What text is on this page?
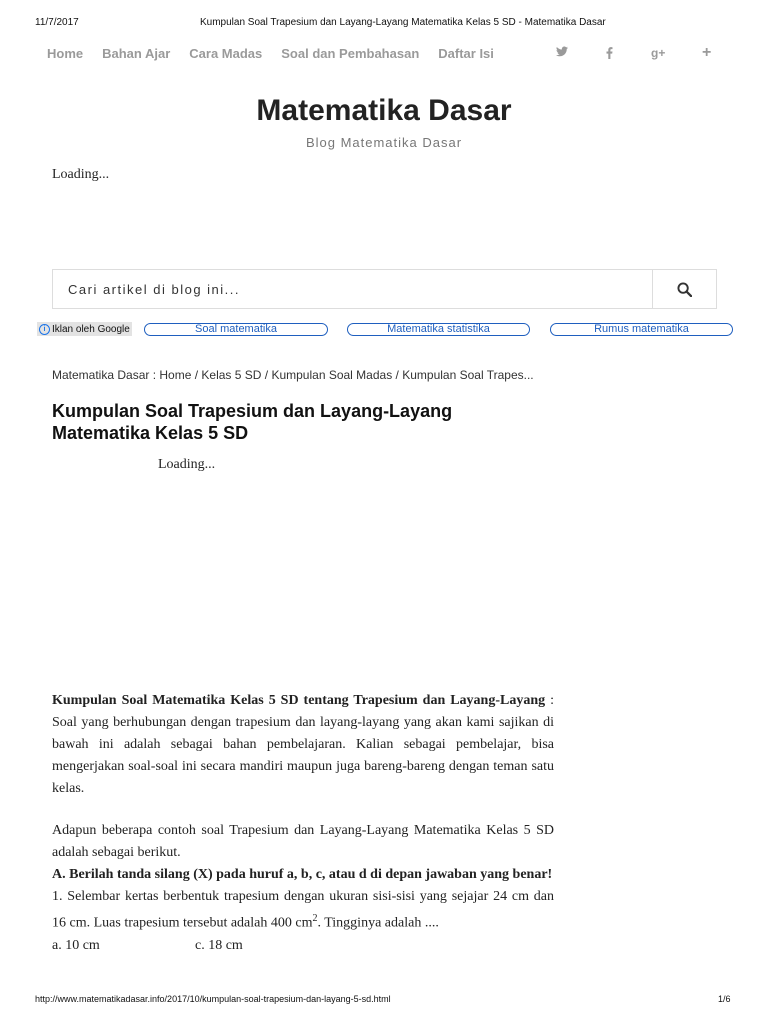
11/7/2017	Kumpulan Soal Trapesium dan Layang-Layang Matematika Kelas 5 SD - Matematika Dasar
Home Bahan Ajar Cara Madas Soal dan Pembahasan Daftar Isi	g+ +
Matematika Dasar
Blog Matematika Dasar
Loading...
Cari artikel di blog ini...
i Iklan oleh
Google	Soal matematika	Matematika statistika	Rumus matematika
Matematika Dasar : Home / Kelas 5 SD / Kumpulan Soal Madas / Kumpulan Soal Trapes...
Kumpulan Soal Trapesium dan Layang-Layang Matematika Kelas 5 SD
Loading...

Kumpulan Soal Matematika Kelas 5 SD tentang Trapesium dan Layang-Layang : Soal yang berhubungan dengan trapesium dan layang-layang yang akan kami sajikan di bawah ini adalah sebagai bahan pembelajaran. Kalian sebagai pembelajar, bisa mengerjakan soal-soal ini secara mandiri maupun juga bareng-bareng dengan teman satu kelas.

Adapun beberapa contoh soal Trapesium dan Layang-Layang Matematika Kelas 5 SD adalah sebagai berikut.

A. Berilah tanda silang (X) pada huruf a, b, c, atau d di depan jawaban yang benar!

1. Selembar kertas berbentuk trapesium dengan ukuran sisi-sisi yang sejajar 24 cm dan 16 cm. Luas trapesium tersebut adalah 400 $cm^2$. Tingginya adalah ....

a. 10 cm	c. 18 cm

http://www.matematikadasar.info/2017/10/kumpulan-soal-trapesium-dan-layang-5-sd.html	1/6
